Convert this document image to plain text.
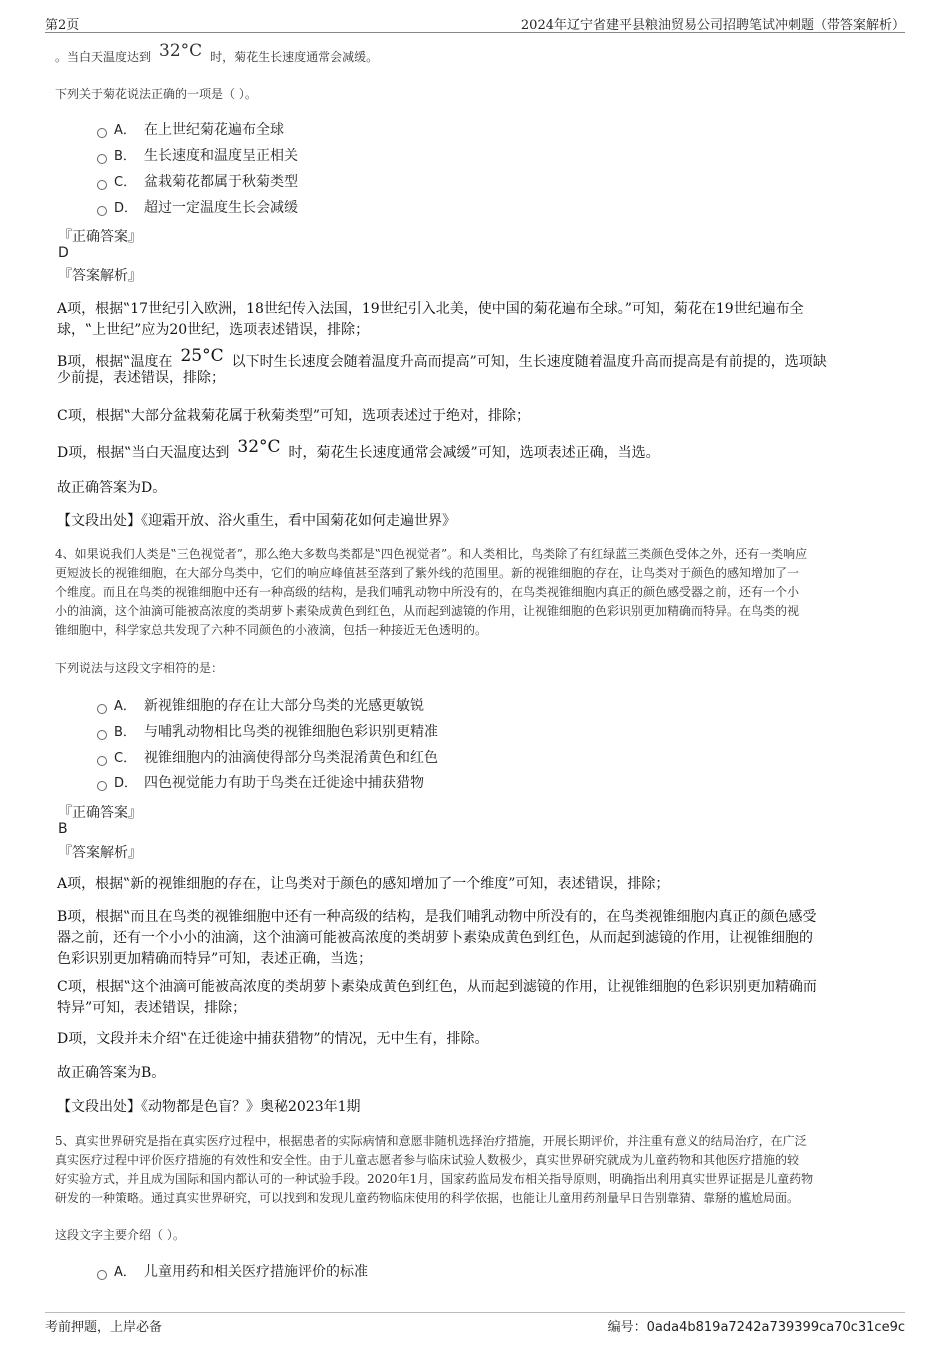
第2页	2024年辽宁省建平县粮油贸易公司招聘笔试冲刺题（带答案解析）
。当白天温度达到 32°C 时，菊花生长速度通常会减缓。
下列关于菊花说法正确的一项是（ ）。
A． 在上世纪菊花遍布全球
B． 生长速度和温度呈正相关
C． 盆栽菊花都属于秋菊类型
D． 超过一定温度生长会减缓
『正确答案』
D
『答案解析』
A项，根据‟17世纪引入欧洲，18世纪传入法国，19世纪引入北美，使中国的菊花遍布全球。”可知，菊花在19世纪遍布全
球，‟上世纪”应为20世纪，选项表述错误，排除；
B项，根据‟温度在 25°C 以下时生长速度会随着温度升高而提高”可知，生长速度随着温度升高而提高是有前提的，选项缺
少前提，表述错误，排除；
C项，根据‟大部分盆栽菊花属于秋菊类型”可知，选项表述过于绝对，排除；
D项，根据‟当白天温度达到 32°C 时，菊花生长速度通常会减缓”可知，选项表述正确，当选。
故正确答案为D。
【文段出处】《迎霜开放、浴火重生，看中国菊花如何走遍世界》
4、如果说我们人类是‟三色视觉者”，那么绝大多数鸟类都是‟四色视觉者”。和人类相比，鸟类除了有红绿蓝三类颜色受体之外，还有一类响应
更短波长的视锥细胞，在大部分鸟类中，它们的响应峰值甚至落到了紫外线的范围里。新的视锥细胞的存在，让鸟类对于颜色的感知增加了一
个维度。而且在鸟类的视锥细胞中还有一种高级的结构，是我们哺乳动物中所没有的，在鸟类视锥细胞内真正的颜色感受器之前，还有一个小
小的油滴，这个油滴可能被高浓度的类胡萝卜素染成黄色到红色，从而起到滤镜的作用，让视锥细胞的色彩识别更加精确而特异。在鸟类的视
锥细胞中，科学家总共发现了六种不同颜色的小液滴，包括一种接近无色透明的。
下列说法与这段文字相符的是：
A． 新视锥细胞的存在让大部分鸟类的光感更敏锐
B． 与哺乳动物相比鸟类的视锥细胞色彩识别更精准
C． 视锥细胞内的油滴使得部分鸟类混淆黄色和红色
D． 四色视觉能力有助于鸟类在迁徙途中捕获猎物
『正确答案』
B
『答案解析』
A项，根据‟新的视锥细胞的存在，让鸟类对于颜色的感知增加了一个维度”可知，表述错误，排除；
B项，根据‟而且在鸟类的视锥细胞中还有一种高级的结构，是我们哺乳动物中所没有的，在鸟类视锥细胞内真正的颜色感受
器之前，还有一个小小的油滴，这个油滴可能被高浓度的类胡萝卜素染成黄色到红色，从而起到滤镜的作用，让视锥细胞的
色彩识别更加精确而特异”可知，表述正确，当选；
C项，根据‟这个油滴可能被高浓度的类胡萝卜素染成黄色到红色，从而起到滤镜的作用，让视锥细胞的色彩识别更加精确而
特异”可知，表述错误，排除；
D项，文段并未介绍‟在迁徙途中捕获猎物”的情况，无中生有，排除。
故正确答案为B。
【文段出处】《动物都是色盲？》奥秘2023年1期
5、真实世界研究是指在真实医疗过程中，根据患者的实际病情和意愿非随机选择治疗措施，开展长期评价，并注重有意义的结局治疗，在广泛
真实医疗过程中评价医疗措施的有效性和安全性。由于儿童志愿者参与临床试验人数极少，真实世界研究就成为儿童药物和其他医疗措施的较
好实验方式，并且成为国际和国内都认可的一种试验手段。2020年1月，国家药监局发布相关指导原则，明确指出利用真实世界证据是儿童药物
研发的一种策略。通过真实世界研究，可以找到和发现儿童药物临床使用的科学依据，也能让儿童用药剂量早日告别靠猜、靠掰的尴尬局面。
这段文字主要介绍（ ）。
A． 儿童用药和相关医疗措施评价的标准
考前押题，上岸必备	编号：0ada4b819a7242a739399ca70c31ce9c
